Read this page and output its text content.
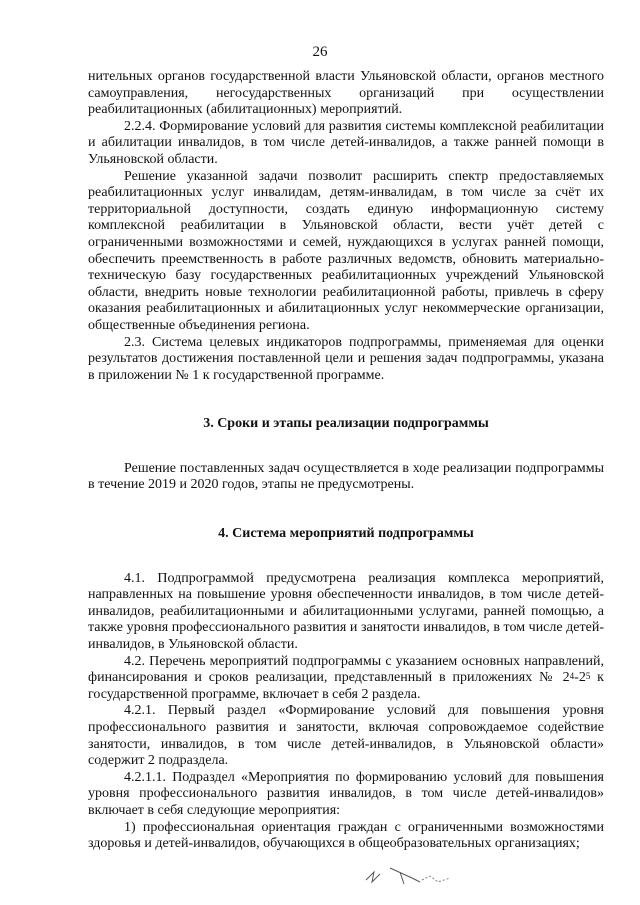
26

нительных органов государственной власти Ульяновской области, органов местного самоуправления, негосударственных организаций при осуществлении реабилитационных (абилитационных) мероприятий.

2.2.4. Формирование условий для развития системы комплексной реабилитации и абилитации инвалидов, в том числе детей-инвалидов, а также ранней помощи в Ульяновской области.

Решение указанной задачи позволит расширить спектр предоставляемых реабилитационных услуг инвалидам, детям-инвалидам, в том числе за счёт их территориальной доступности, создать единую информационную систему комплексной реабилитации в Ульяновской области, вести учёт детей с ограниченными возможностями и семей, нуждающихся в услугах ранней помощи, обеспечить преемственность в работе различных ведомств, обновить материально-техническую базу государственных реабилитационных учреждений Ульяновской области, внедрить новые технологии реабилитационной работы, привлечь в сферу оказания реабилитационных и абилитационных услуг некоммерческие организации, общественные объединения региона.

2.3. Система целевых индикаторов подпрограммы, применяемая для оценки результатов достижения поставленной цели и решения задач подпрограммы, указана в приложении № 1 к государственной программе.

3. Сроки и этапы реализации подпрограммы

Решение поставленных задач осуществляется в ходе реализации подпрограммы в течение 2019 и 2020 годов, этапы не предусмотрены.

4. Система мероприятий подпрограммы

4.1. Подпрограммой предусмотрена реализация комплекса мероприятий, направленных на повышение уровня обеспеченности инвалидов, в том числе детей-инвалидов, реабилитационными и абилитационными услугами, ранней помощью, а также уровня профессионального развития и занятости инвалидов, в том числе детей-инвалидов, в Ульяновской области.

4.2. Перечень мероприятий подпрограммы с указанием основных направлений, финансирования и сроков реализации, представленный в приложениях № $2^4-2^5$ к государственной программе, включает в себя 2 раздела.

4.2.1. Первый раздел «Формирование условий для повышения уровня профессионального развития и занятости, включая сопровождаемое содействие занятости, инвалидов, в том числе детей-инвалидов, в Ульяновской области» содержит 2 подраздела.

4.2.1.1. Подраздел «Мероприятия по формированию условий для повышения уровня профессионального развития инвалидов, в том числе детей-инвалидов» включает в себя следующие мероприятия:

1) профессиональная ориентация граждан с ограниченными возможностями здоровья и детей-инвалидов, обучающихся в общеобразовательных организациях;
